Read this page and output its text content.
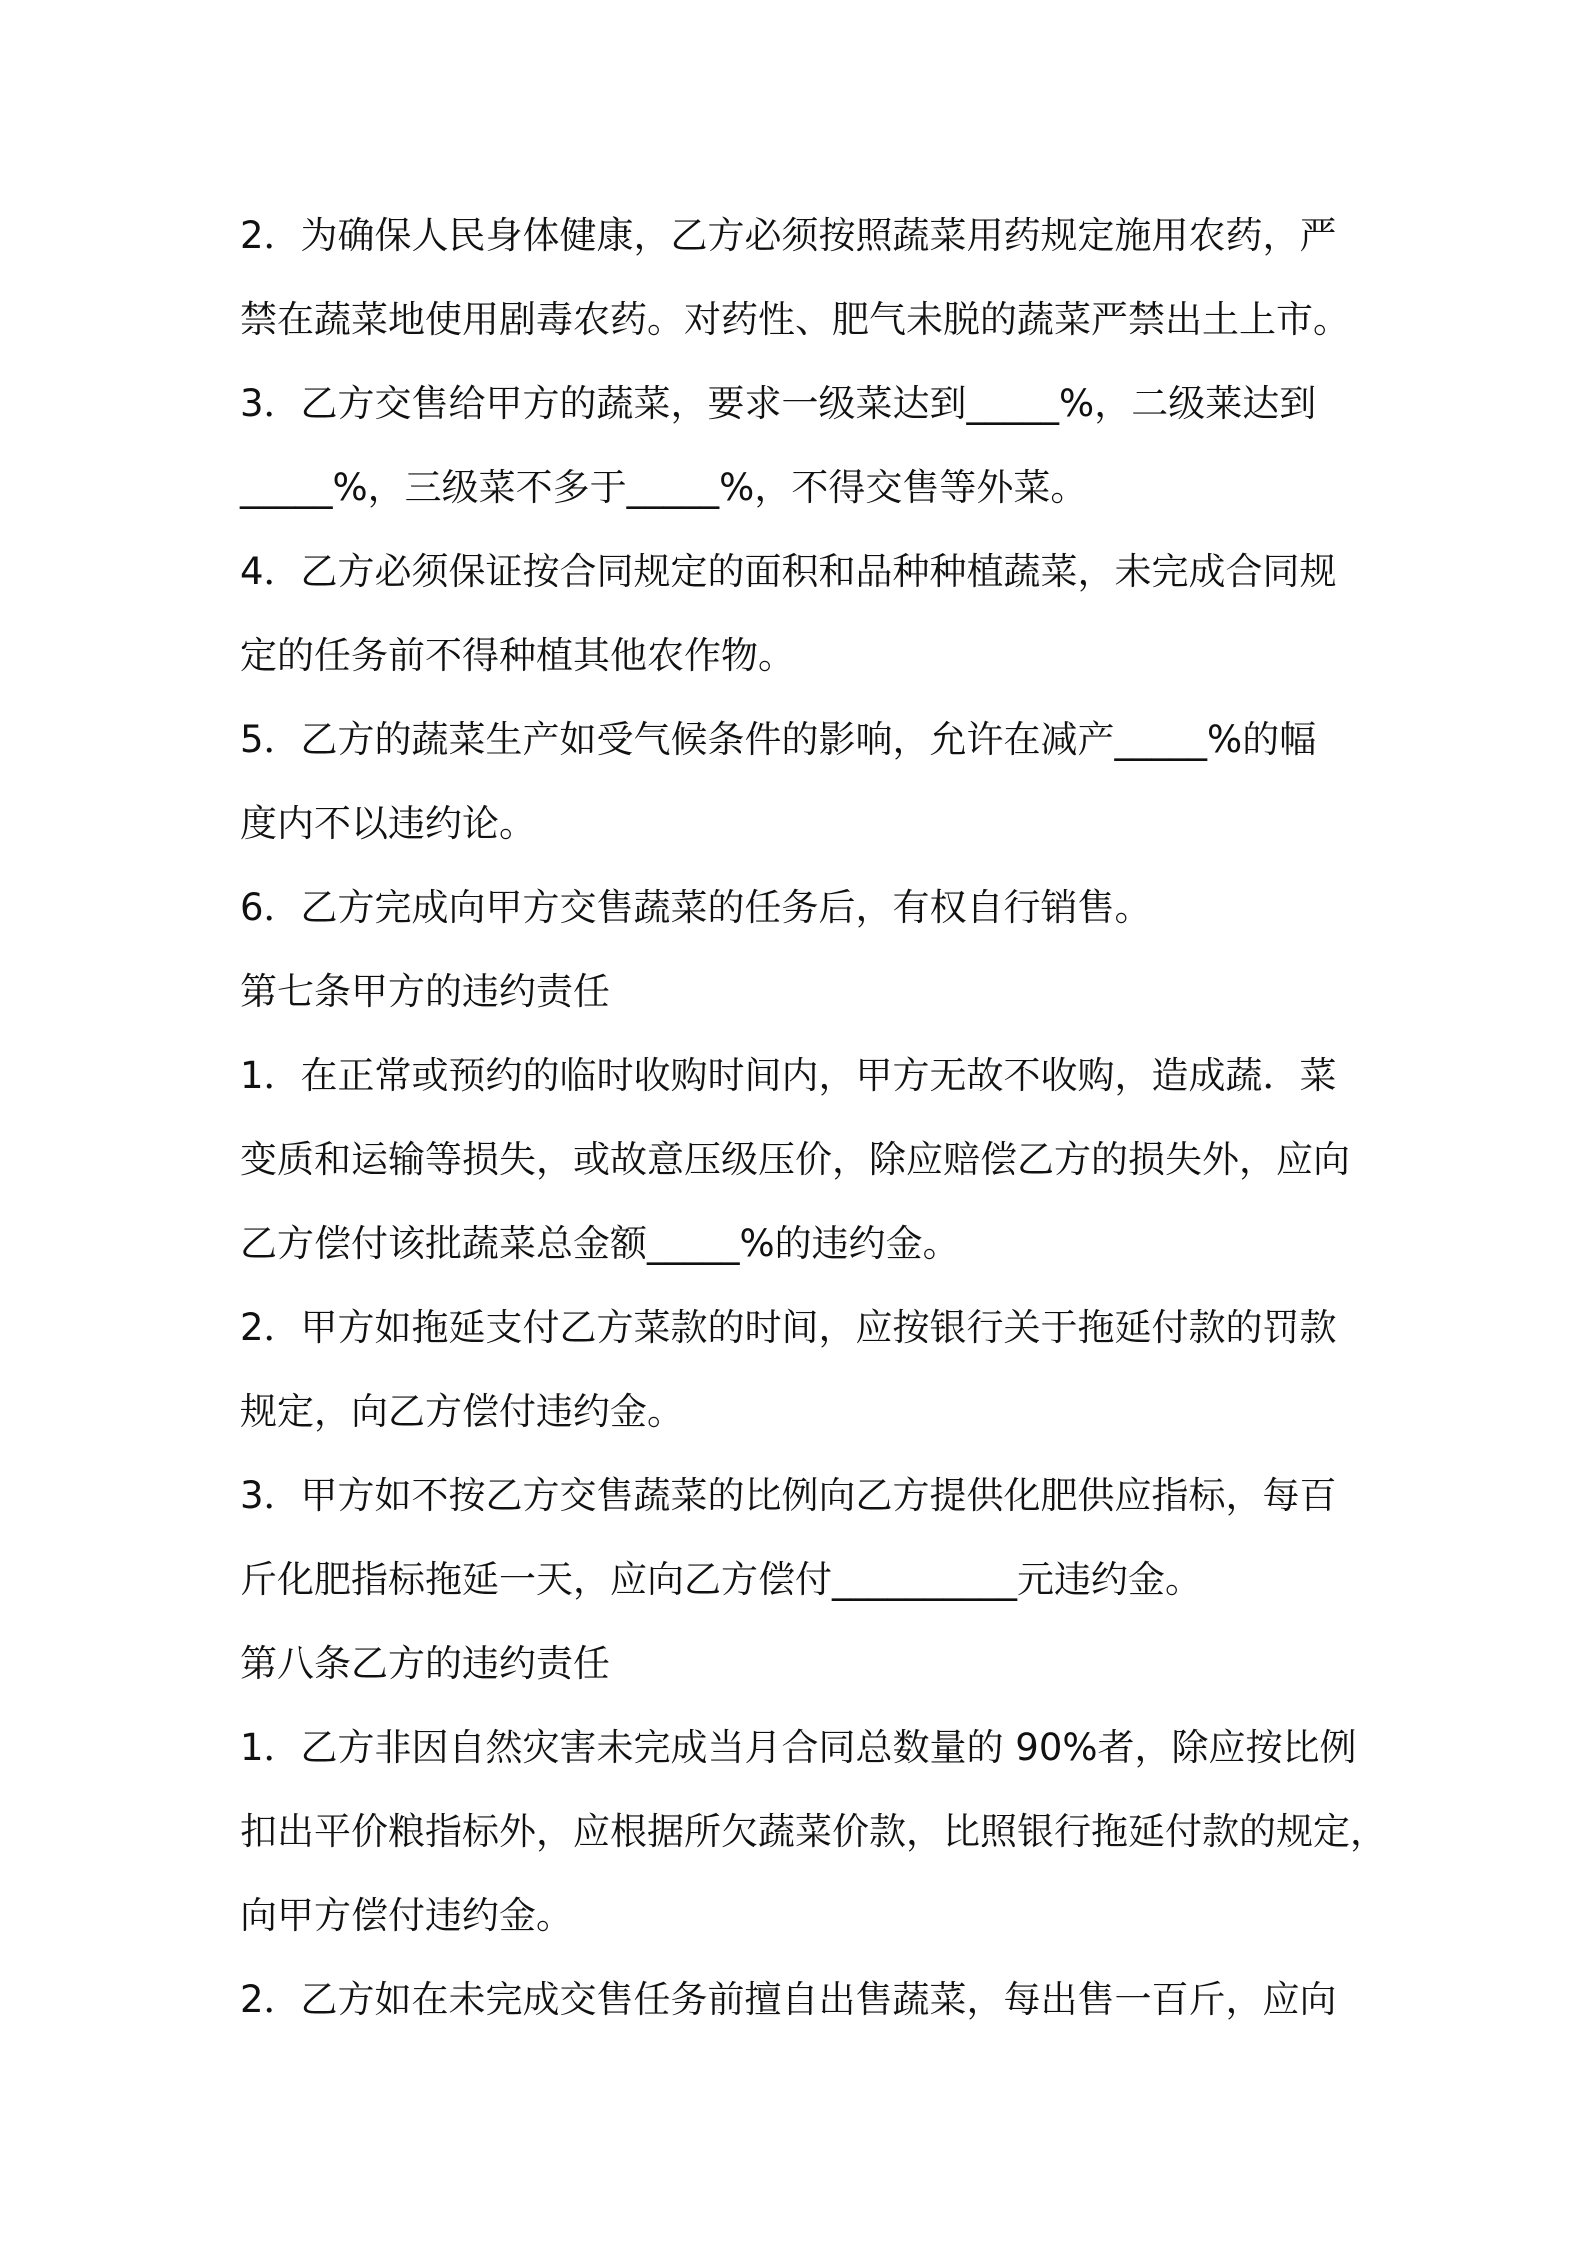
2．为确保人民身体健康，乙方必须按照蔬菜用药规定施用农药，严
禁在蔬菜地使用剧毒农药。对药性、肥气未脱的蔬菜严禁出土上市。
3．乙方交售给甲方的蔬菜，要求一级菜达到_____%，二级莱达到
_____%，三级菜不多于_____%，不得交售等外菜。
4．乙方必须保证按合同规定的面积和品种种植蔬菜，未完成合同规
定的任务前不得种植其他农作物。
5．乙方的蔬菜生产如受气候条件的影响，允许在减产_____%的幅
度内不以违约论。
6．乙方完成向甲方交售蔬菜的任务后，有权自行销售。
第七条甲方的违约责任
1．在正常或预约的临时收购时间内，甲方无故不收购，造成蔬．菜
变质和运输等损失，或故意压级压价，除应赔偿乙方的损失外，应向
乙方偿付该批蔬菜总金额_____%的违约金。
2．甲方如拖延支付乙方菜款的时间，应按银行关于拖延付款的罚款
规定，向乙方偿付违约金。
3．甲方如不按乙方交售蔬菜的比例向乙方提供化肥供应指标，每百
斤化肥指标拖延一天，应向乙方偿付__________元违约金。
第八条乙方的违约责任
1．乙方非因自然灾害未完成当月合同总数量的 90%者，除应按比例
扣出平价粮指标外，应根据所欠蔬菜价款，比照银行拖延付款的规定，
向甲方偿付违约金。
2．乙方如在未完成交售任务前擅自出售蔬菜，每出售一百斤，应向
